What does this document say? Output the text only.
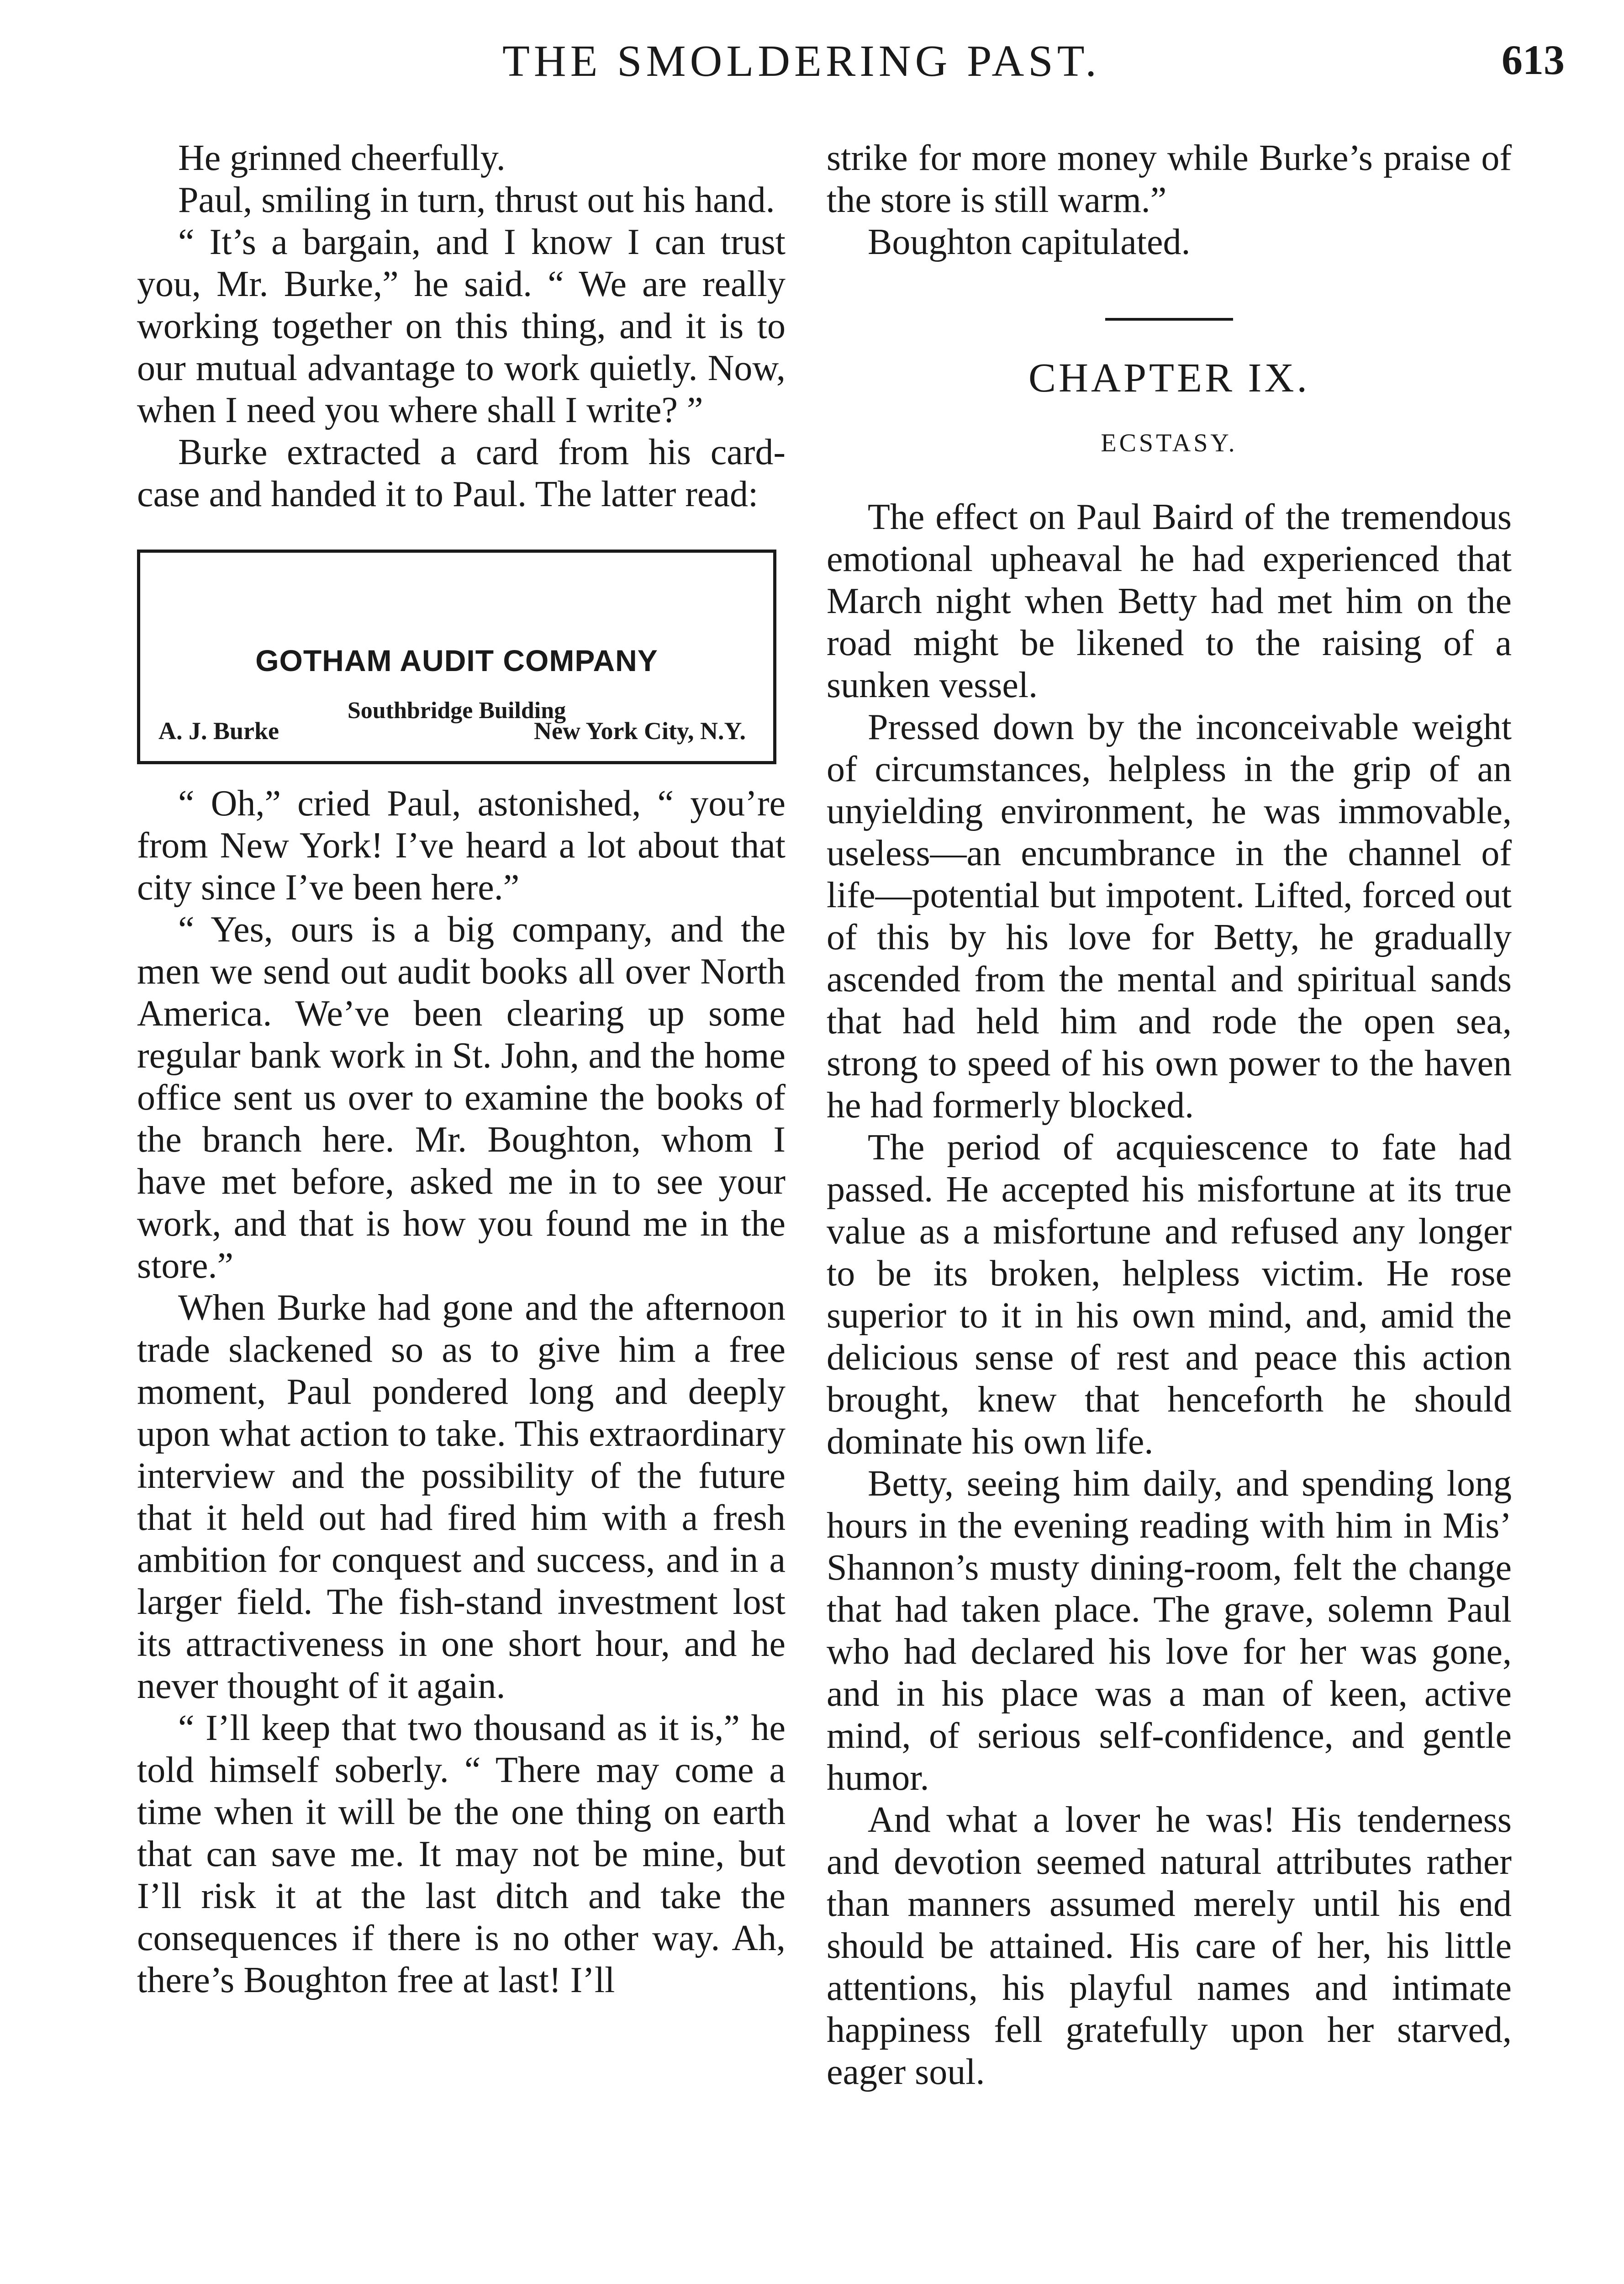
THE SMOLDERING PAST.	613

He grinned cheerfully.

Paul, smiling in turn, thrust out his hand.

“ It’s a bargain, and I know I can trust you, Mr. Burke,” he said. “ We are really working together on this thing, and it is to our mutual advantage to work quietly. Now, when I need you where shall I write? ”

Burke extracted a card from his card-case and handed it to Paul. The latter read:

GOTHAM AUDIT COMPANY
Southbridge Building
A. J. Burke	New York City, N.Y.

“ Oh,” cried Paul, astonished, “ you’re from New York! I’ve heard a lot about that city since I’ve been here.”

“ Yes, ours is a big company, and the men we send out audit books all over North America. We’ve been clearing up some regular bank work in St. John, and the home office sent us over to examine the books of the branch here. Mr. Boughton, whom I have met before, asked me in to see your work, and that is how you found me in the store.”

When Burke had gone and the afternoon trade slackened so as to give him a free moment, Paul pondered long and deeply upon what action to take. This extraordinary interview and the possibility of the future that it held out had fired him with a fresh ambition for conquest and success, and in a larger field. The fish-stand investment lost its attractiveness in one short hour, and he never thought of it again.

“ I’ll keep that two thousand as it is,” he told himself soberly. “ There may come a time when it will be the one thing on earth that can save me. It may not be mine, but I’ll risk it at the last ditch and take the consequences if there is no other way. Ah, there’s Boughton free at last! I’ll

strike for more money while Burke’s praise of the store is still warm.”

Boughton capitulated.

CHAPTER IX.
ECSTASY.

The effect on Paul Baird of the tremendous emotional upheaval he had experienced that March night when Betty had met him on the road might be likened to the raising of a sunken vessel.

Pressed down by the inconceivable weight of circumstances, helpless in the grip of an unyielding environment, he was immovable, useless—an encumbrance in the channel of life—potential but impotent. Lifted, forced out of this by his love for Betty, he gradually ascended from the mental and spiritual sands that had held him and rode the open sea, strong to speed of his own power to the haven he had formerly blocked.

The period of acquiescence to fate had passed. He accepted his misfortune at its true value as a misfortune and refused any longer to be its broken, helpless victim. He rose superior to it in his own mind, and, amid the delicious sense of rest and peace this action brought, knew that henceforth he should dominate his own life.

Betty, seeing him daily, and spending long hours in the evening reading with him in Mis’ Shannon’s musty dining-room, felt the change that had taken place. The grave, solemn Paul who had declared his love for her was gone, and in his place was a man of keen, active mind, of serious self-confidence, and gentle humor.

And what a lover he was! His tenderness and devotion seemed natural attributes rather than manners assumed merely until his end should be attained. His care of her, his little attentions, his playful names and intimate happiness fell gratefully upon her starved, eager soul.
